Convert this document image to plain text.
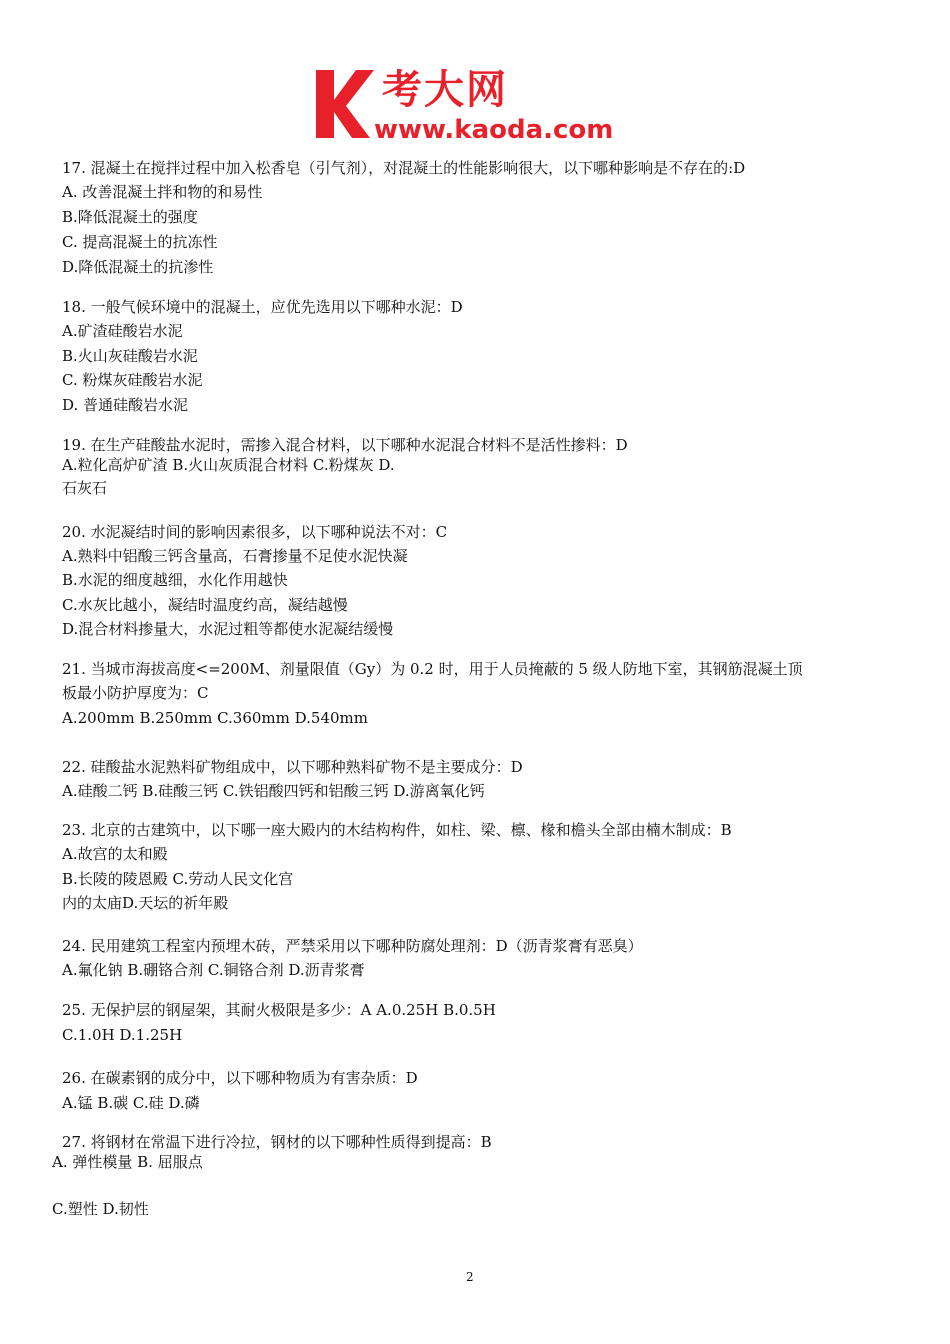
考大网
www.kaoda.com
17. 混凝土在搅拌过程中加入松香皂（引气剂），对混凝土的性能影响很大，以下哪种影响是不存在的:D
A. 改善混凝土拌和物的和易性
B.降低混凝土的强度
C. 提高混凝土的抗冻性
D.降低混凝土的抗渗性
18. 一般气候环境中的混凝土，应优先选用以下哪种水泥：D
A.矿渣硅酸岩水泥
B.火山灰硅酸岩水泥
C. 粉煤灰硅酸岩水泥
D. 普通硅酸岩水泥
19. 在生产硅酸盐水泥时，需掺入混合材料，以下哪种水泥混合材料不是活性掺料：D
A.粒化高炉矿渣 B.火山灰质混合材料 C.粉煤灰 D.
石灰石
20. 水泥凝结时间的影响因素很多，以下哪种说法不对：C
A.熟料中铝酸三钙含量高，石膏掺量不足使水泥快凝
B.水泥的细度越细，水化作用越快
C.水灰比越小，凝结时温度约高，凝结越慢
D.混合材料掺量大，水泥过粗等都使水泥凝结缓慢
21. 当城市海拔高度<=200M、剂量限值（Gy）为 0.2 时，用于人员掩蔽的 5 级人防地下室，其钢筋混凝土顶
板最小防护厚度为：C
A.200mm B.250mm C.360mm D.540mm
22. 硅酸盐水泥熟料矿物组成中，以下哪种熟料矿物不是主要成分：D
A.硅酸二钙 B.硅酸三钙 C.铁铝酸四钙和铝酸三钙 D.游离氧化钙
23. 北京的古建筑中，以下哪一座大殿内的木结构构件，如柱、梁、檩、椽和檐头全部由楠木制成：B
A.故宫的太和殿
B.长陵的陵恩殿 C.劳动人民文化宫
内的太庙D.天坛的祈年殿
24. 民用建筑工程室内预埋木砖，严禁采用以下哪种防腐处理剂：D（沥青浆膏有恶臭）
A.氟化钠 B.硼铬合剂 C.铜铬合剂 D.沥青浆膏
25. 无保护层的钢屋架，其耐火极限是多少：A A.0.25H B.0.5H
C.1.0H D.1.25H
26. 在碳素钢的成分中，以下哪种物质为有害杂质：D
A.锰 B.碳 C.硅 D.磷
27. 将钢材在常温下进行冷拉，钢材的以下哪种性质得到提高：B
A. 弹性模量 B. 屈服点
C.塑性 D.韧性
2
